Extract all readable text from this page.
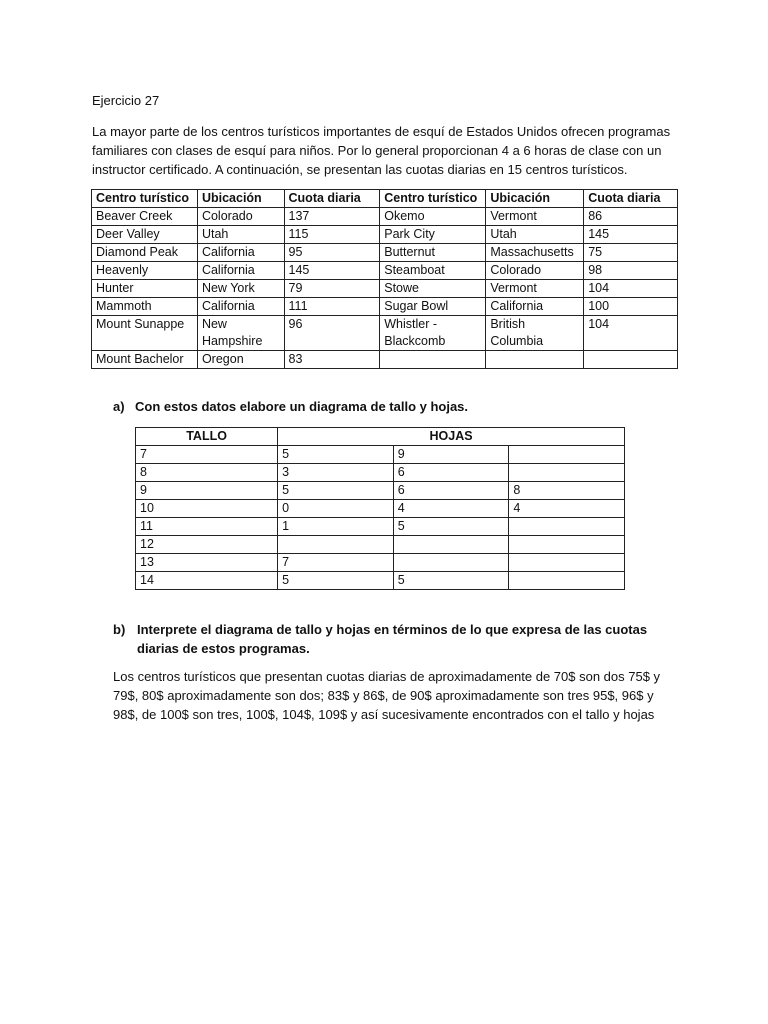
Ejercicio 27
La mayor parte de los centros turísticos importantes de esquí de Estados Unidos ofrecen programas familiares con clases de esquí para niños. Por lo general proporcionan 4 a 6 horas de clase con un instructor certificado. A continuación, se presentan las cuotas diarias en 15 centros turísticos.
Centro turístico	Ubicación	Cuota diaria	Centro turístico	Ubicación	Cuota diaria
Beaver Creek	Colorado	137	Okemo	Vermont	86
Deer Valley	Utah	115	Park City	Utah	145
Diamond Peak	California	95	Butternut	Massachusetts	75
Heavenly	California	145	Steamboat	Colorado	98
Hunter	New York	79	Stowe	Vermont	104
Mammoth	California	111	Sugar Bowl	California	100
Mount Sunappe	New Hampshire	96	Whistler - Blackcomb	British Columbia	104
Mount Bachelor	Oregon	83			
a) Con estos datos elabore un diagrama de tallo y hojas.
TALLO	HOJAS		
7	5	9	
8	3	6	
9	5	6	8
10	0	4	4
11	1	5	
12			
13	7		
14	5	5	
b) Interprete el diagrama de tallo y hojas en términos de lo que expresa de las cuotas diarias de estos programas.
Los centros turísticos que presentan cuotas diarias de aproximadamente de 70$ son dos 75$ y 79$, 80$ aproximadamente son dos; 83$ y 86$, de 90$ aproximadamente son tres 95$, 96$ y 98$, de 100$ son tres, 100$, 104$, 109$ y así sucesivamente encontrados con el tallo y hojas
